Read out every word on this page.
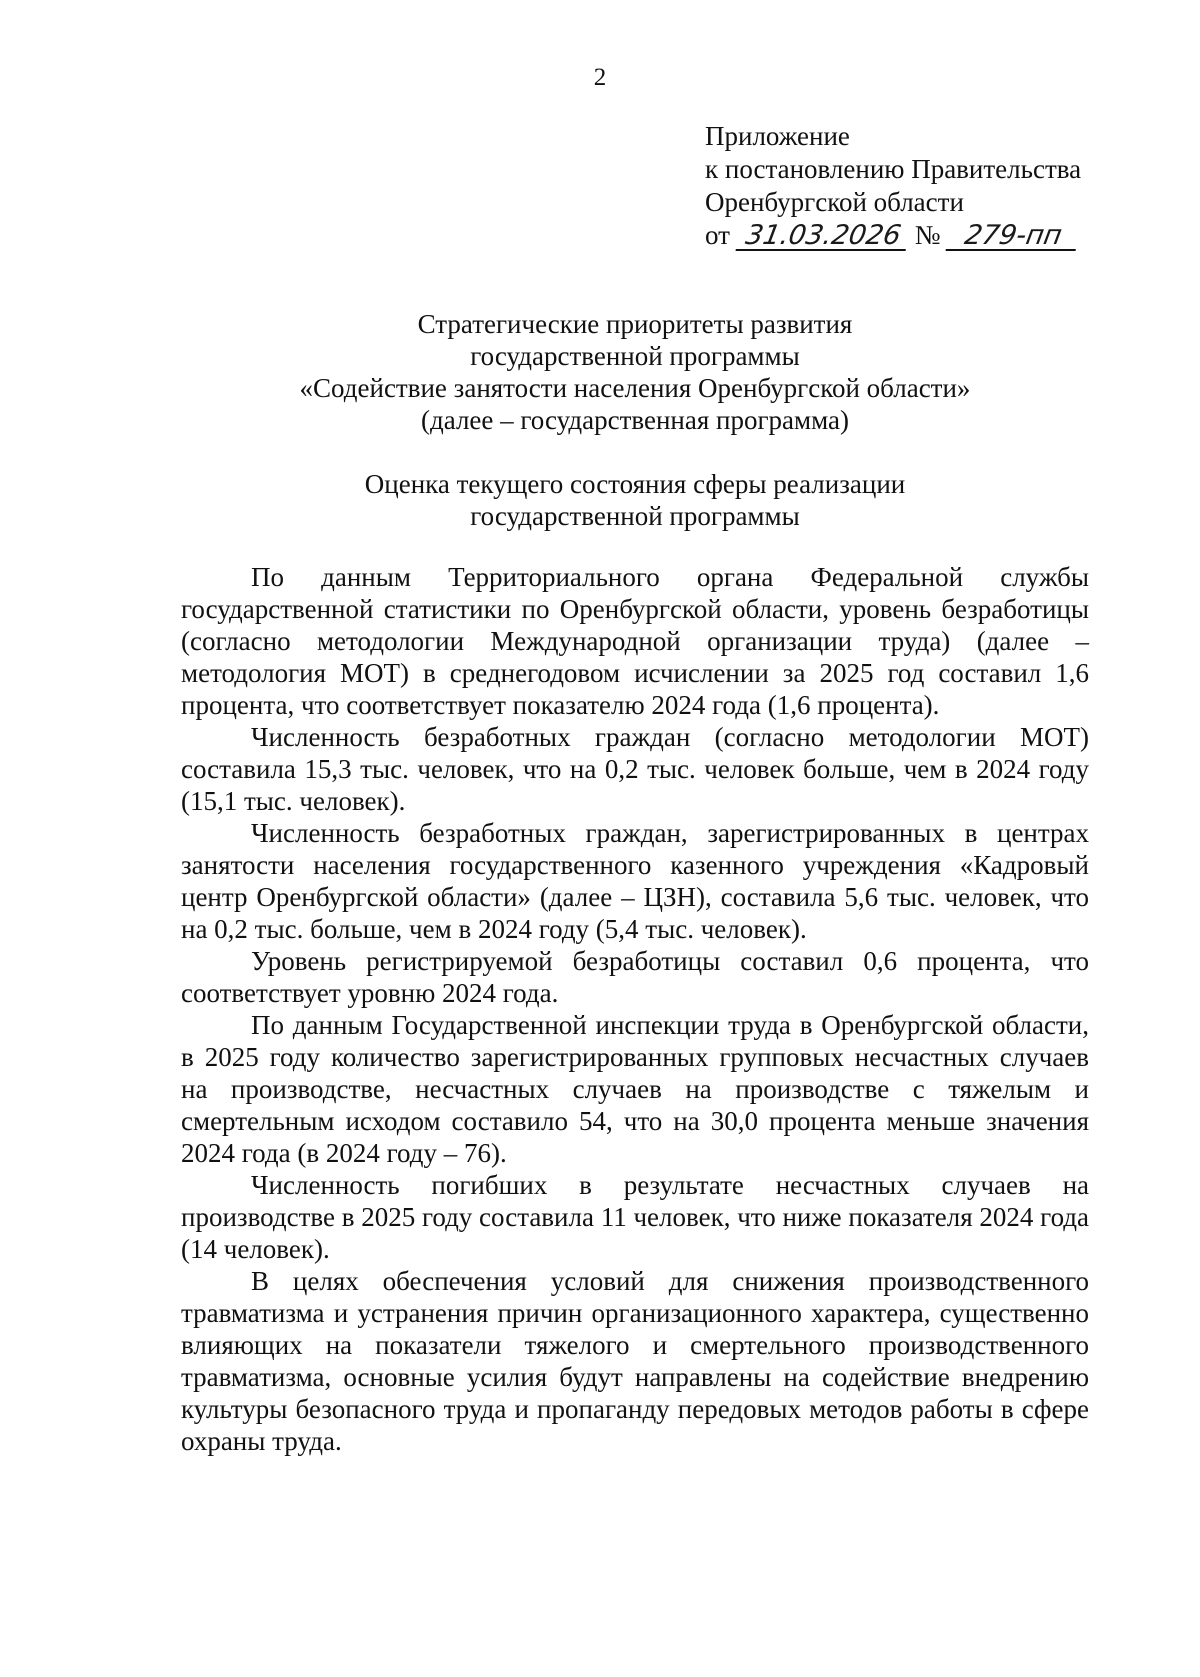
2
Приложение
к постановлению Правительства
Оренбургской области
от 31.03.2026 № 279-пп
Стратегические приоритеты развития
государственной программы
«Содействие занятости населения Оренбургской области»
(далее – государственная программа)
Оценка текущего состояния сферы реализации
государственной программы

По данным Территориального органа Федеральной службы государственной статистики по Оренбургской области, уровень безработицы (согласно методологии Международной организации труда) (далее – методология МОТ) в среднегодовом исчислении за 2025 год составил 1,6 процента, что соответствует показателю 2024 года (1,6 процента).

Численность безработных граждан (согласно методологии МОТ) составила 15,3 тыс. человек, что на 0,2 тыс. человек больше, чем в 2024 году (15,1 тыс. человек).

Численность безработных граждан, зарегистрированных в центрах занятости населения государственного казенного учреждения «Кадровый центр Оренбургской области» (далее – ЦЗН), составила 5,6 тыс. человек, что на 0,2 тыс. больше, чем в 2024 году (5,4 тыс. человек).

Уровень регистрируемой безработицы составил 0,6 процента, что соответствует уровню 2024 года.

По данным Государственной инспекции труда в Оренбургской области, в 2025 году количество зарегистрированных групповых несчастных случаев на производстве, несчастных случаев на производстве с тяжелым и смертельным исходом составило 54, что на 30,0 процента меньше значения 2024 года (в 2024 году – 76).

Численность погибших в результате несчастных случаев на производстве в 2025 году составила 11 человек, что ниже показателя 2024 года (14 человек).

В целях обеспечения условий для снижения производственного травматизма и устранения причин организационного характера, существенно влияющих на показатели тяжелого и смертельного производственного травматизма, основные усилия будут направлены на содействие внедрению культуры безопасного труда и пропаганду передовых методов работы в сфере охраны труда.
